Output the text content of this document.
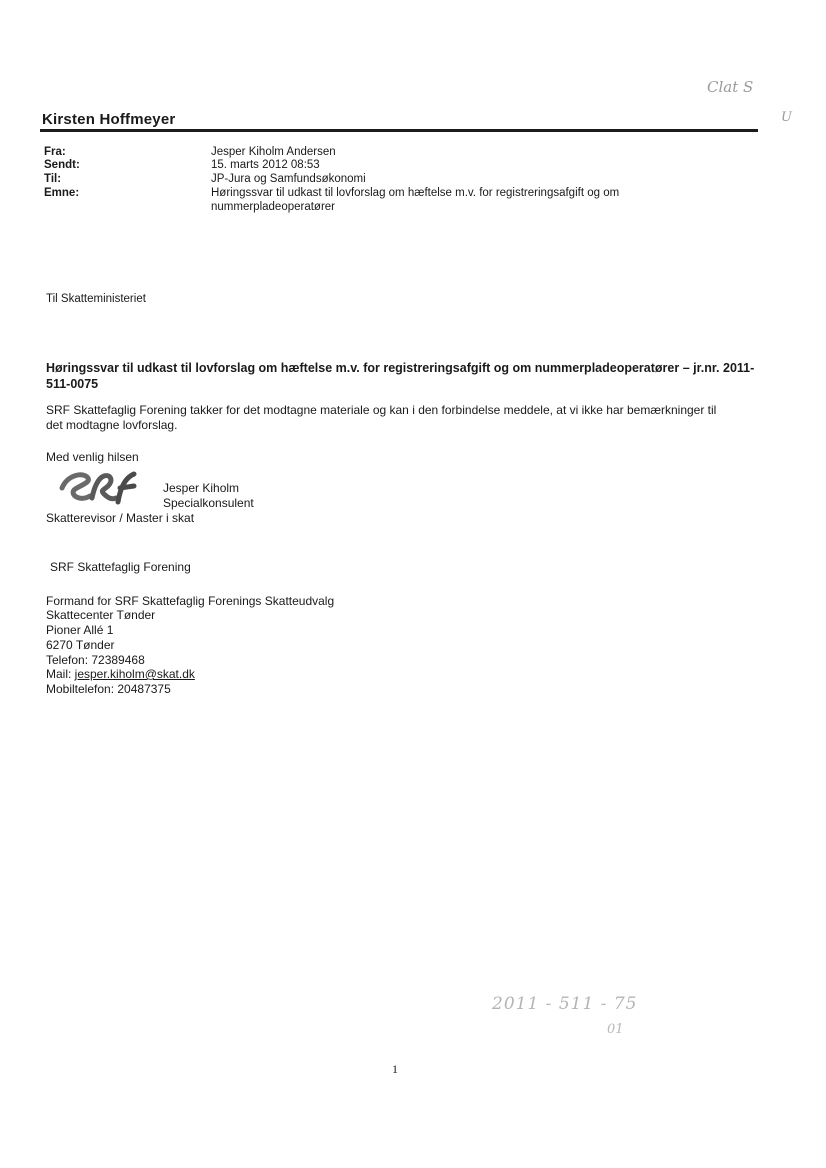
Clat S
U
Kirsten Hoffmeyer
Fra:	Jesper Kiholm Andersen
Sendt:	15. marts 2012 08:53
Til:	JP-Jura og Samfundsøkonomi
Emne:	Høringssvar til udkast til lovforslag om hæftelse m.v. for registreringsafgift og om
nummerpladeoperatører
Til Skatteministeriet
Høringssvar til udkast til lovforslag om hæftelse m.v. for registreringsafgift og om nummerpladeoperatører – jr.nr. 2011-511-0075
SRF Skattefaglig Forening takker for det modtagne materiale og kan i den forbindelse meddele, at vi ikke har bemærkninger til det modtagne lovforslag.
Med venlig hilsen
Jesper Kiholm
Specialkonsulent
Skatterevisor / Master i skat
SRF Skattefaglig Forening
Formand for SRF Skattefaglig Forenings Skatteudvalg
Skattecenter Tønder
Pioner Allé 1
6270 Tønder
Telefon: 72389468
Mail: jesper.kiholm@skat.dk
Mobiltelefon: 20487375
2011 - 511 - 75
01
1
